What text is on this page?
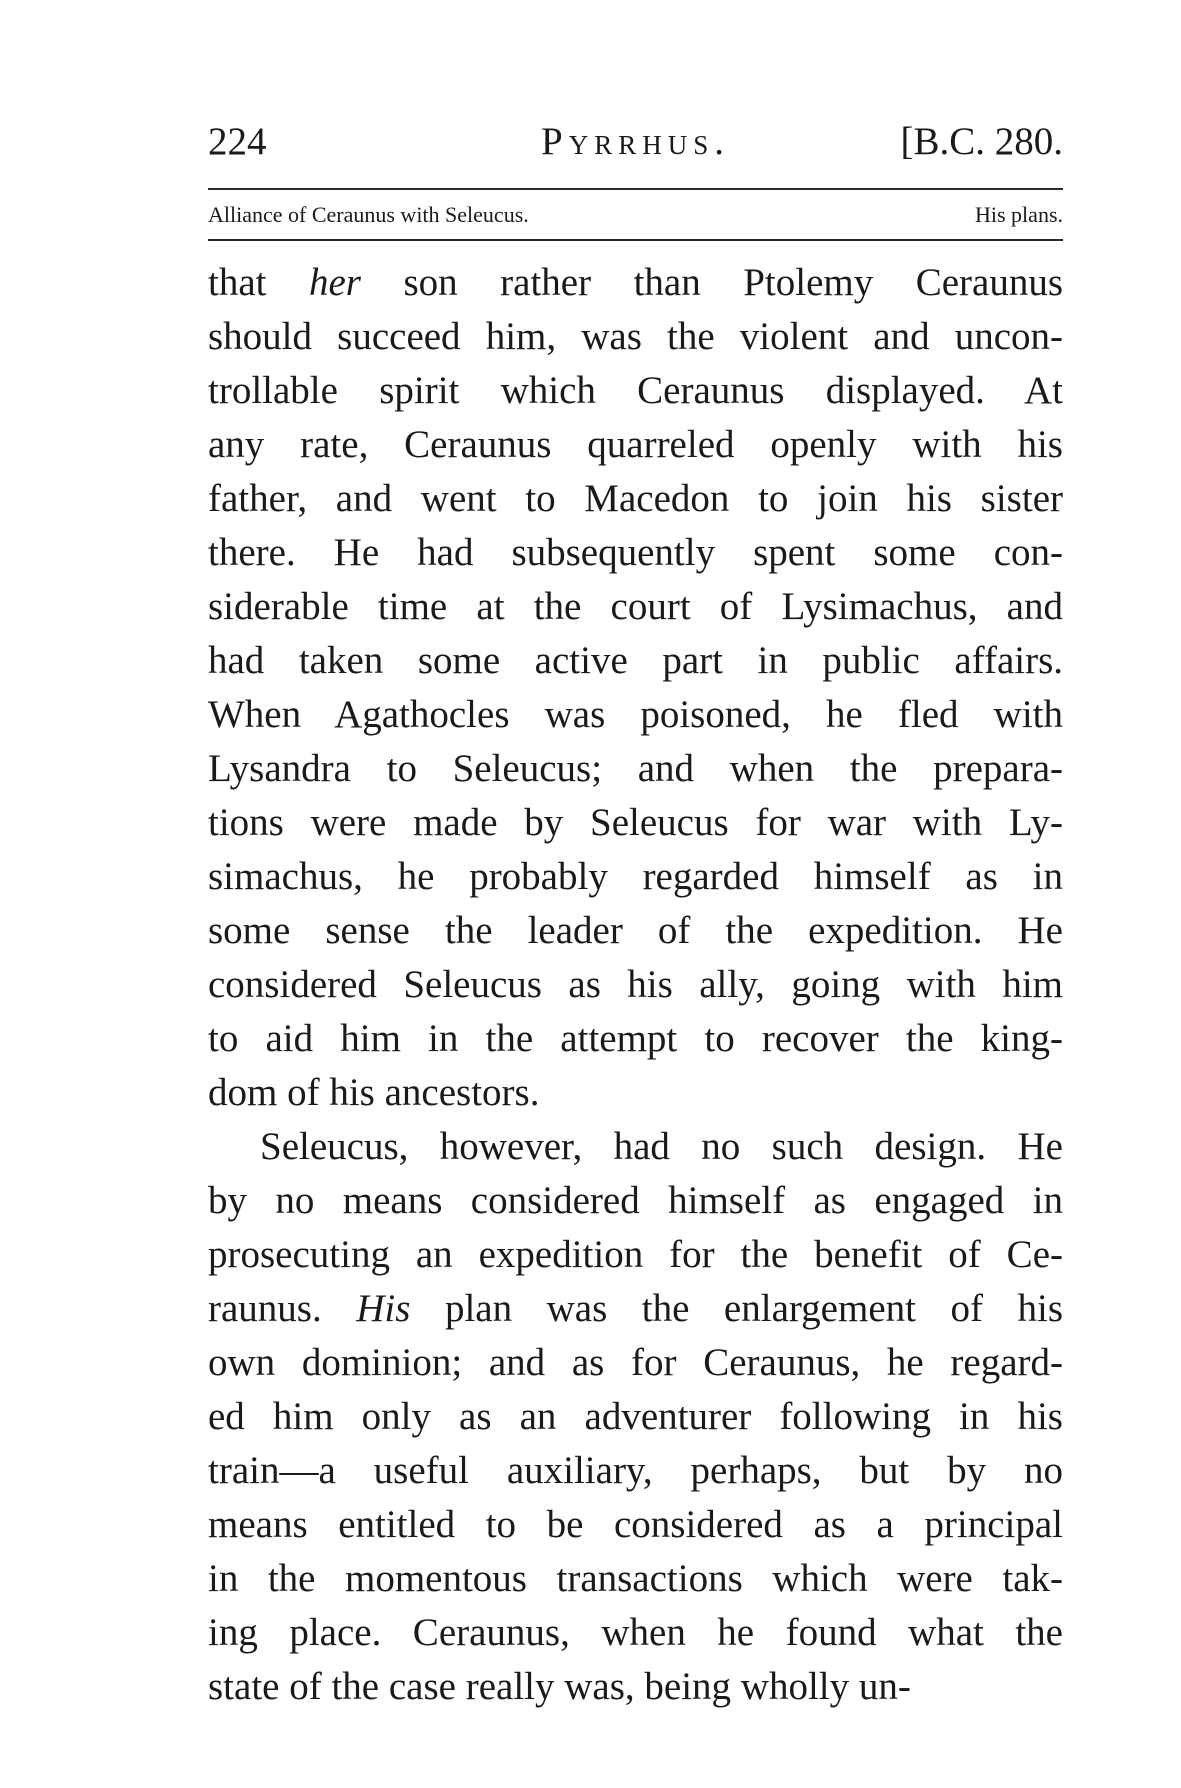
224	Pyrrhus.	[B.C. 280.
Alliance of Ceraunus with Seleucus.	His plans.
that her son rather than Ptolemy Ceraunus
should succeed him, was the violent and uncon-
trollable spirit which Ceraunus displayed. At
any rate, Ceraunus quarreled openly with his
father, and went to Macedon to join his sister
there. He had subsequently spent some con-
siderable time at the court of Lysimachus, and
had taken some active part in public affairs.
When Agathocles was poisoned, he fled with
Lysandra to Seleucus; and when the prepara-
tions were made by Seleucus for war with Ly-
simachus, he probably regarded himself as in
some sense the leader of the expedition. He
considered Seleucus as his ally, going with him
to aid him in the attempt to recover the king-
dom of his ancestors.
Seleucus, however, had no such design. He
by no means considered himself as engaged in
prosecuting an expedition for the benefit of Ce-
raunus. His plan was the enlargement of his
own dominion; and as for Ceraunus, he regard-
ed him only as an adventurer following in his
train—a useful auxiliary, perhaps, but by no
means entitled to be considered as a principal
in the momentous transactions which were tak-
ing place. Ceraunus, when he found what the
state of the case really was, being wholly un-
